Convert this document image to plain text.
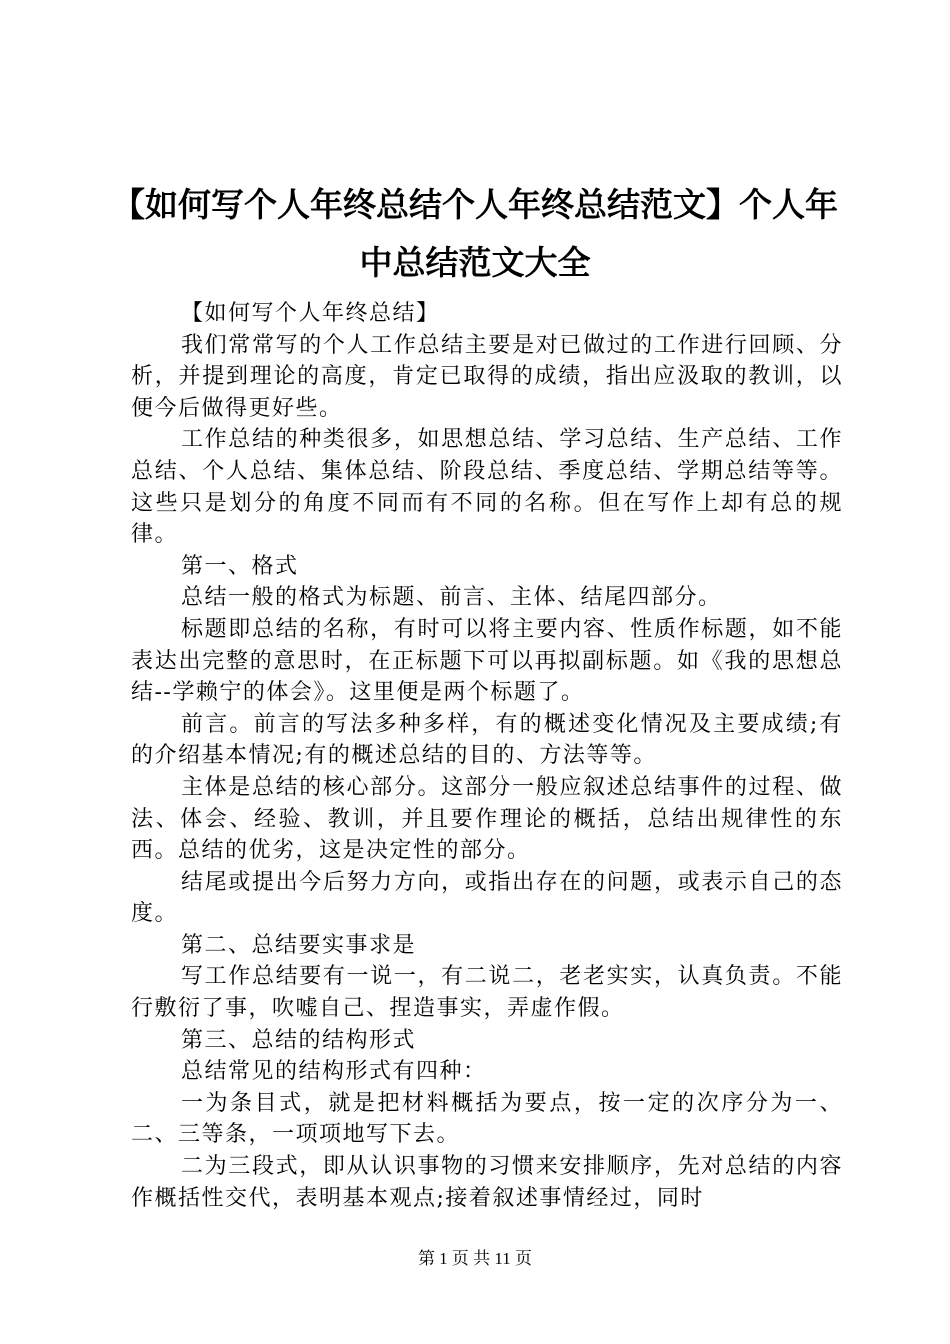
【如何写个人年终总结个人年终总结范文】个人年中总结范文大全

【如何写个人年终总结】

我们常常写的个人工作总结主要是对已做过的工作进行回顾、分析，并提到理论的高度，肯定已取得的成绩，指出应汲取的教训，以便今后做得更好些。

工作总结的种类很多，如思想总结、学习总结、生产总结、工作总结、个人总结、集体总结、阶段总结、季度总结、学期总结等等。这些只是划分的角度不同而有不同的名称。但在写作上却有总的规律。

第一、格式

总结一般的格式为标题、前言、主体、结尾四部分。

标题即总结的名称，有时可以将主要内容、性质作标题，如不能表达出完整的意思时，在正标题下可以再拟副标题。如《我的思想总结--学赖宁的体会》。这里便是两个标题了。

前言。前言的写法多种多样，有的概述变化情况及主要成绩;有的介绍基本情况;有的概述总结的目的、方法等等。

主体是总结的核心部分。这部分一般应叙述总结事件的过程、做法、体会、经验、教训，并且要作理论的概括，总结出规律性的东西。总结的优劣，这是决定性的部分。

结尾或提出今后努力方向，或指出存在的问题，或表示自己的态度。

第二、总结要实事求是

写工作总结要有一说一，有二说二，老老实实，认真负责。不能行敷衍了事，吹嘘自己、捏造事实，弄虚作假。

第三、总结的结构形式

总结常见的结构形式有四种：

一为条目式，就是把材料概括为要点，按一定的次序分为一、二、三等条，一项项地写下去。

二为三段式，即从认识事物的习惯来安排顺序，先对总结的内容作概括性交代，表明基本观点;接着叙述事情经过，同时

第 1 页 共 11 页
